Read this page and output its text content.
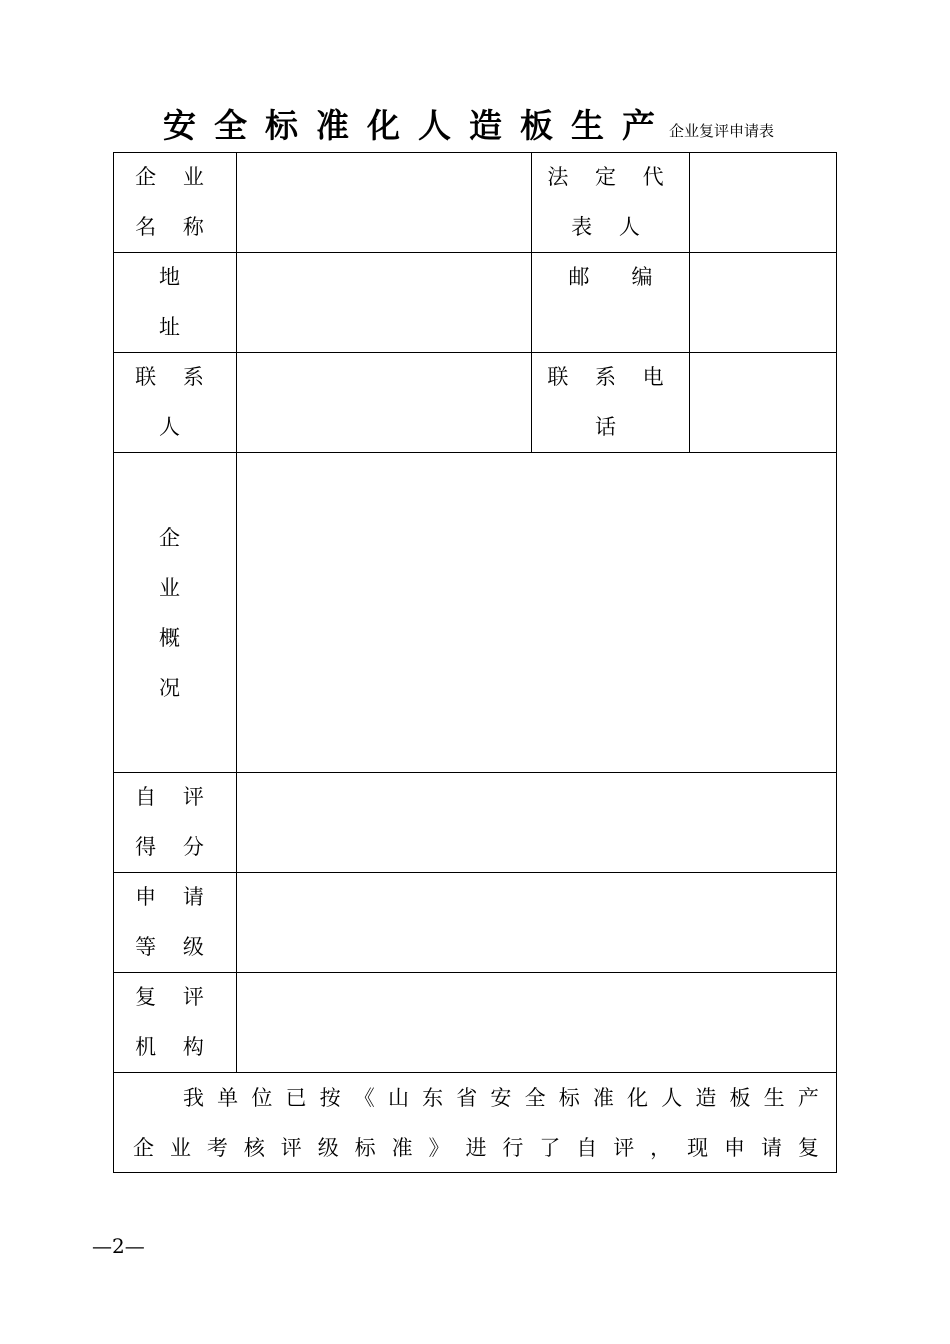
安全标准化人造板生产
企业复评申请表
企 业
名 称
法 定 代
表 人
地
址
邮　　编
联 系
人
联 系 电
话
企
业
概
况
自 评
得 分
申 请
等 级
复 评
机 构
我 单 位 已 按 《 山 东 省 安 全 标 准 化 人 造 板 生 产
企 业 考 核 评 级 标 准 》 进 行 了 自 评 ， 现 申 请 复
—2—
